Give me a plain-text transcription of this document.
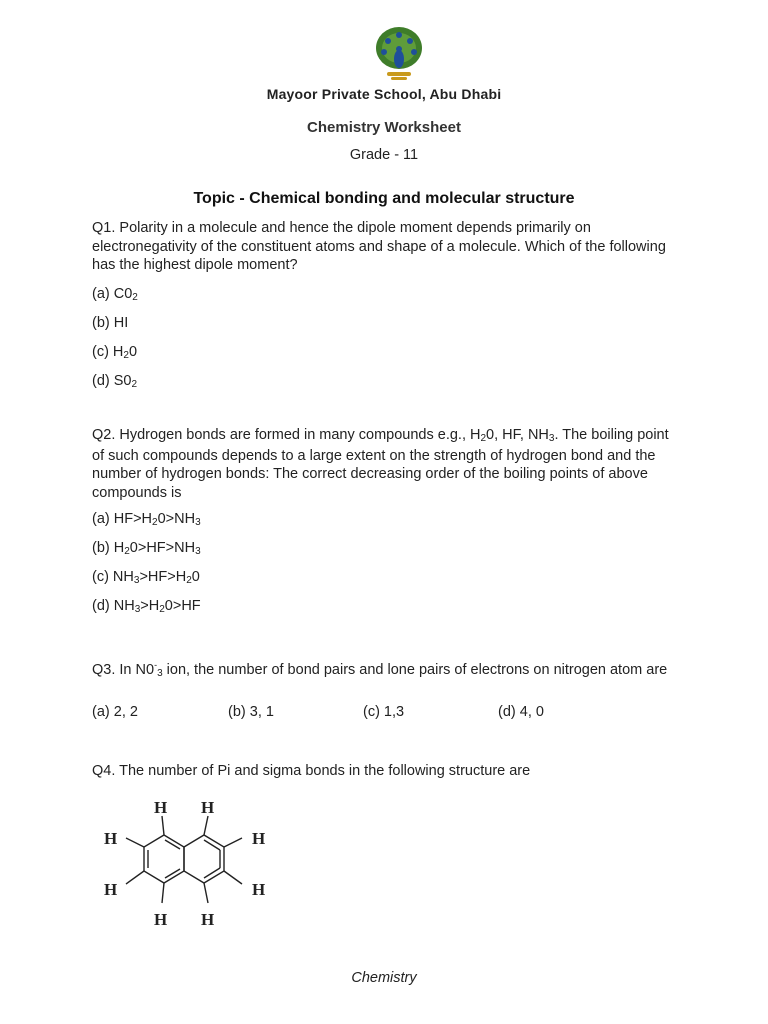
Mayoor Private School, Abu Dhabi
Chemistry Worksheet
Grade - 11
Topic - Chemical bonding and molecular structure
Q1. Polarity in a molecule and hence the dipole moment depends primarily on electronegativity of the constituent atoms and shape of a molecule. Which of the following has the highest dipole moment?
(a) $C0_2$
(b) HI
(c) $H_20$
(d) $S0_2$
Q2. Hydrogen bonds are formed in many compounds e.g., $H_20$, HF, $NH_3$. The boiling point of such compounds depends to a large extent on the strength of hydrogen bond and the number of hydrogen bonds: The correct decreasing order of the boiling points of above compounds is
(a) $HF>H_20>NH_3$
(b) $H_20>HF>NH_3$
(c) $NH_3>HF>H_20$
(d) $NH_3>H_20>HF$
Q3. In $N0^-_3$ ion, the number of bond pairs and lone pairs of electrons on nitrogen atom are
(a) 2, 2	(b) 3, 1	(c) 1,3	(d) 4, 0
Q4. The number of Pi and sigma bonds in the following structure are
H H
H	H
H	H
H H
Chemistry
